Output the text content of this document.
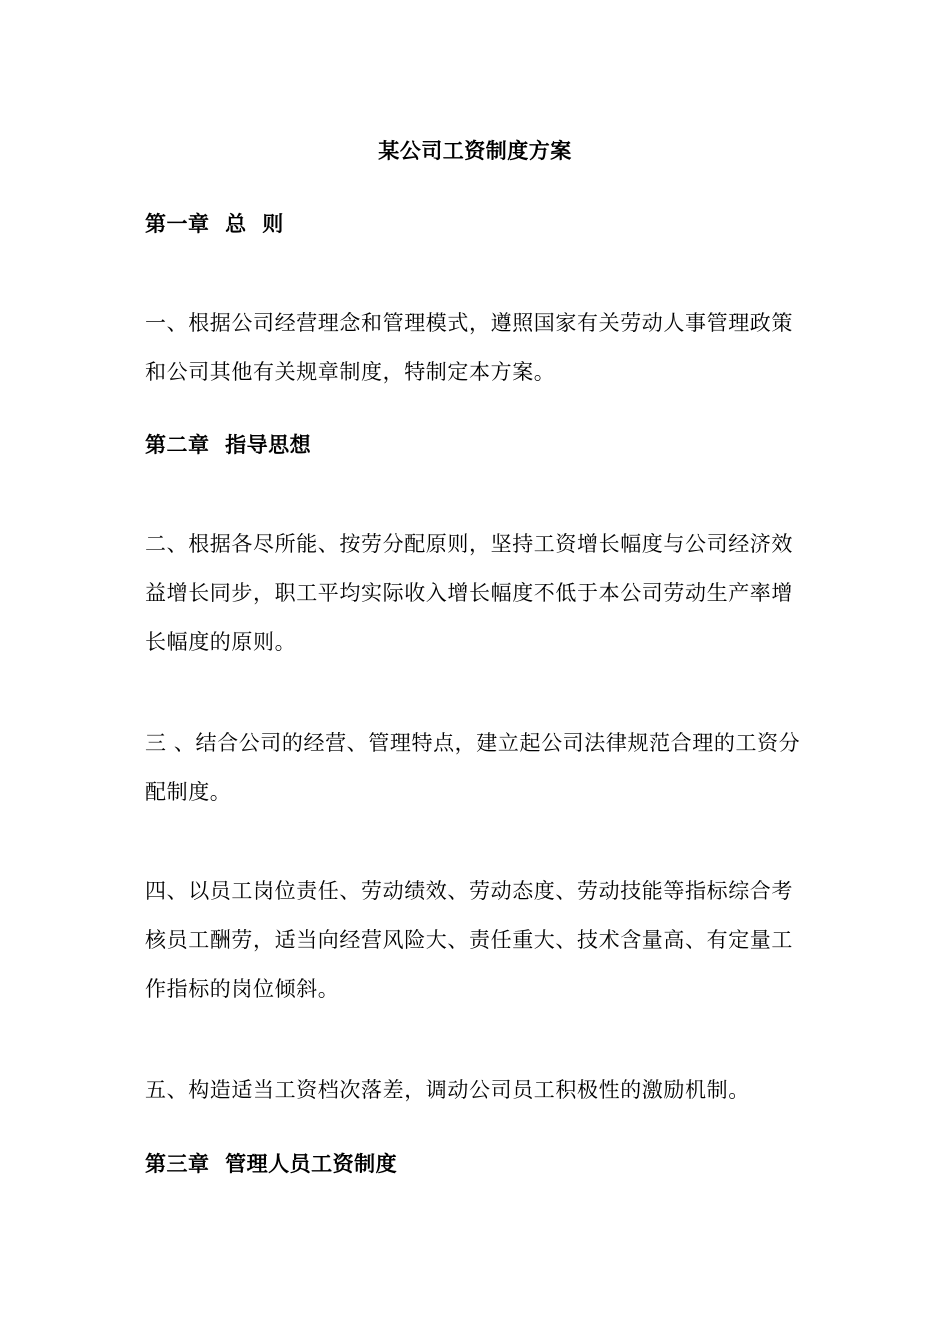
某公司工资制度方案
第一章  总  则
一、根据公司经营理念和管理模式，遵照国家有关劳动人事管理政策和公司其他有关规章制度，特制定本方案。
第二章  指导思想
二、根据各尽所能、按劳分配原则，坚持工资增长幅度与公司经济效益增长同步，职工平均实际收入增长幅度不低于本公司劳动生产率增长幅度的原则。
三 、结合公司的经营、管理特点，建立起公司法律规范合理的工资分配制度。
四、以员工岗位责任、劳动绩效、劳动态度、劳动技能等指标综合考核员工酬劳，适当向经营风险大、责任重大、技术含量高、有定量工作指标的岗位倾斜。
五、构造适当工资档次落差，调动公司员工积极性的激励机制。
第三章  管理人员工资制度
